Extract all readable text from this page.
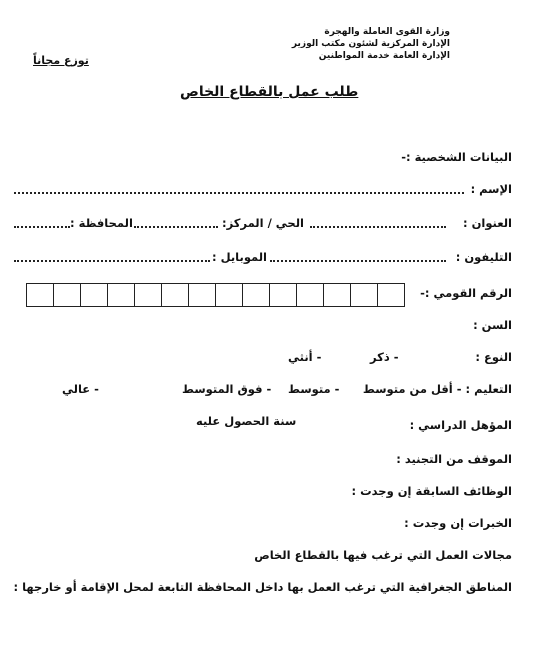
وزارة القوى العاملة والهجرة
الإدارة المركزية لشئون مكتب الوزير
الإدارة العامة خدمة المواطنين
توزع مجاناً
طلب عمل بالقطاع الخاص
البيانات الشخصية :-
الإسم :
العنوان :
الحي / المركز:
المحافظة :
التليفون :
الموبايل :
الرقم القومي :-
السن :
النوع :
- ذكر
- أنثي
التعليم : - أقل من متوسط
- متوسط
- فوق المتوسط
- عالي
المؤهل الدراسي :
سنة الحصول عليه
الموقف من التجنيد :
الوظائف السابقة إن وجدت :
الخبرات إن وجدت :
مجالات العمل التي ترغب فيها بالقطاع الخاص
المناطق الجغرافية التي ترغب العمل بها داخل المحافظة التابعة لمحل الإقامة أو خارجها :
